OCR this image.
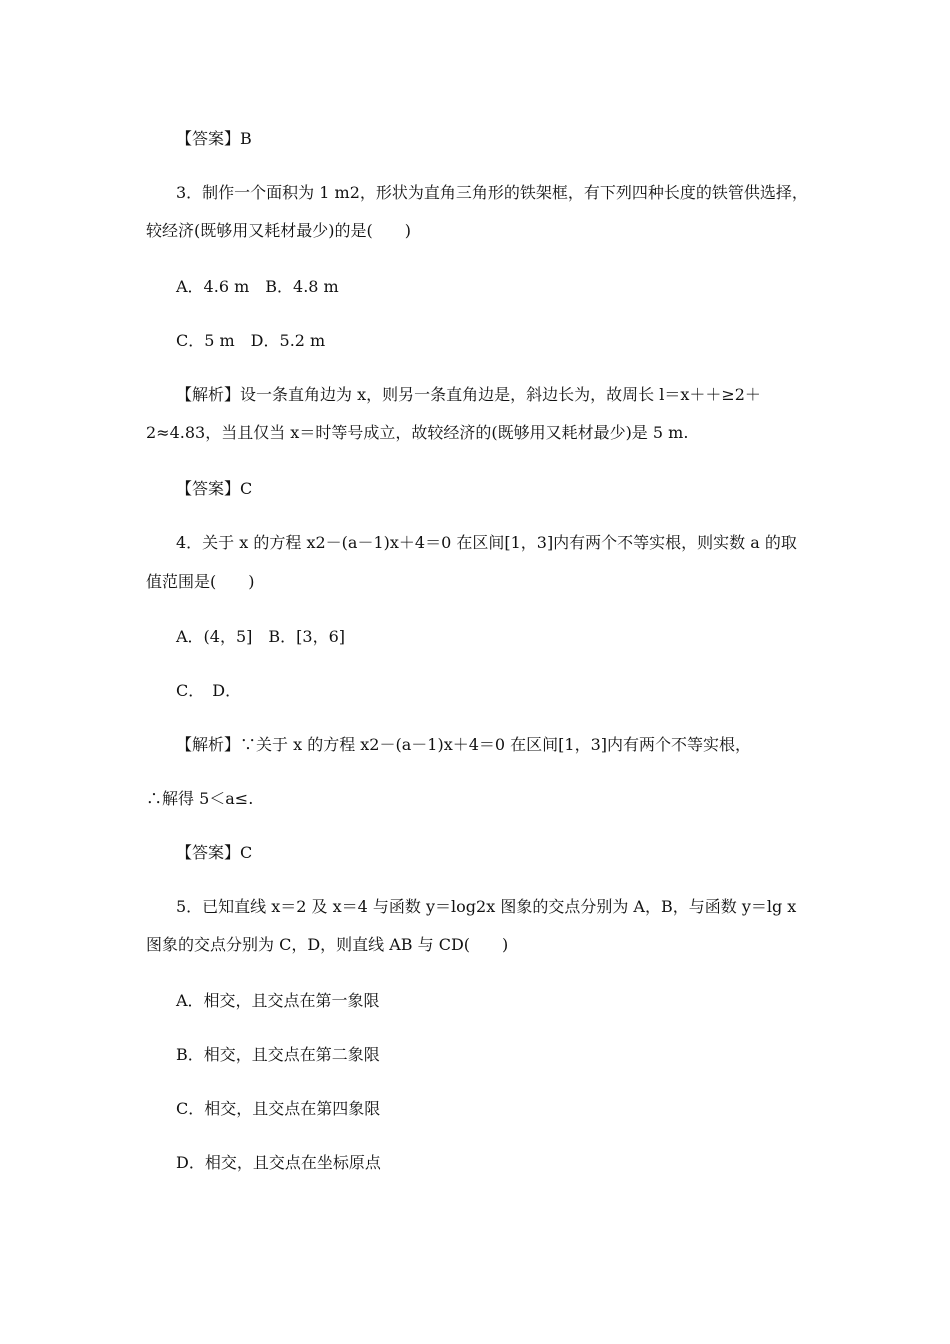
【答案】B
3．制作一个面积为 1 m2，形状为直角三角形的铁架框，有下列四种长度的铁管供选择，
较经济(既够用又耗材最少)的是(　　)
A．4.6 m　B．4.8 m
C．5 m　D．5.2 m
【解析】设一条直角边为 x，则另一条直角边是，斜边长为，故周长 l＝x＋＋≥2＋
2≈4.83，当且仅当 x＝时等号成立，故较经济的(既够用又耗材最少)是 5 m.
【答案】C
4．关于 x 的方程 x2－(a－1)x＋4＝0 在区间[1，3]内有两个不等实根，则实数 a 的取
值范围是(　　)
A．(4，5]　B．[3，6]
C．　D．
【解析】∵关于 x 的方程 x2－(a－1)x＋4＝0 在区间[1，3]内有两个不等实根，
∴解得 5＜a≤.
【答案】C
5．已知直线 x＝2 及 x＝4 与函数 y＝log2x 图象的交点分别为 A，B，与函数 y＝lg x
图象的交点分别为 C，D，则直线 AB 与 CD(　　)
A．相交，且交点在第一象限
B．相交，且交点在第二象限
C．相交，且交点在第四象限
D．相交，且交点在坐标原点
